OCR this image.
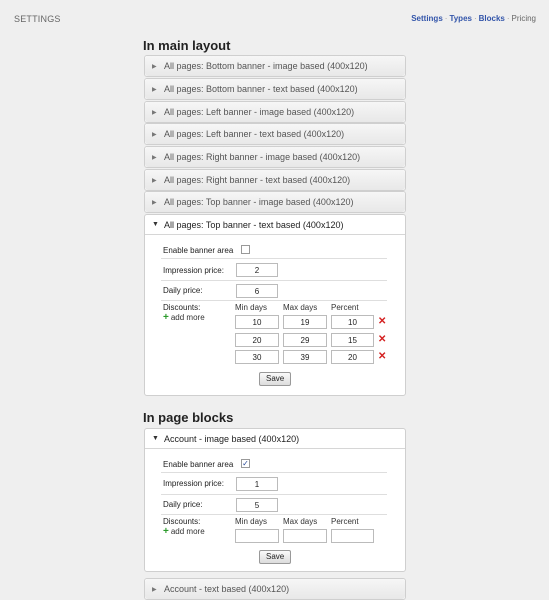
SETTINGS	Settings · Types · Blocks · Pricing
In main layout
▶ All pages: Bottom banner - image based (400x120)
▶ All pages: Bottom banner - text based (400x120)
▶ All pages: Left banner - image based (400x120)
▶ All pages: Left banner - text based (400x120)
▶ All pages: Right banner - image based (400x120)
▶ All pages: Right banner - text based (400x120)
▶ All pages: Top banner - image based (400x120)
▼ All pages: Top banner - text based (400x120)
Enable banner area
Impression price:
2
Daily price:
6
Discounts:
+ add more
Min days Max days Percent
10
19
10
✕
20
29
15
✕
30
39
20
✕
Save
In page blocks
▼ Account - image based (400x120)
Enable banner area ✓
Impression price:
1
Daily price:
5
Discounts:
+ add more
Min days Max days Percent
Save
▶ Account - text based (400x120)
